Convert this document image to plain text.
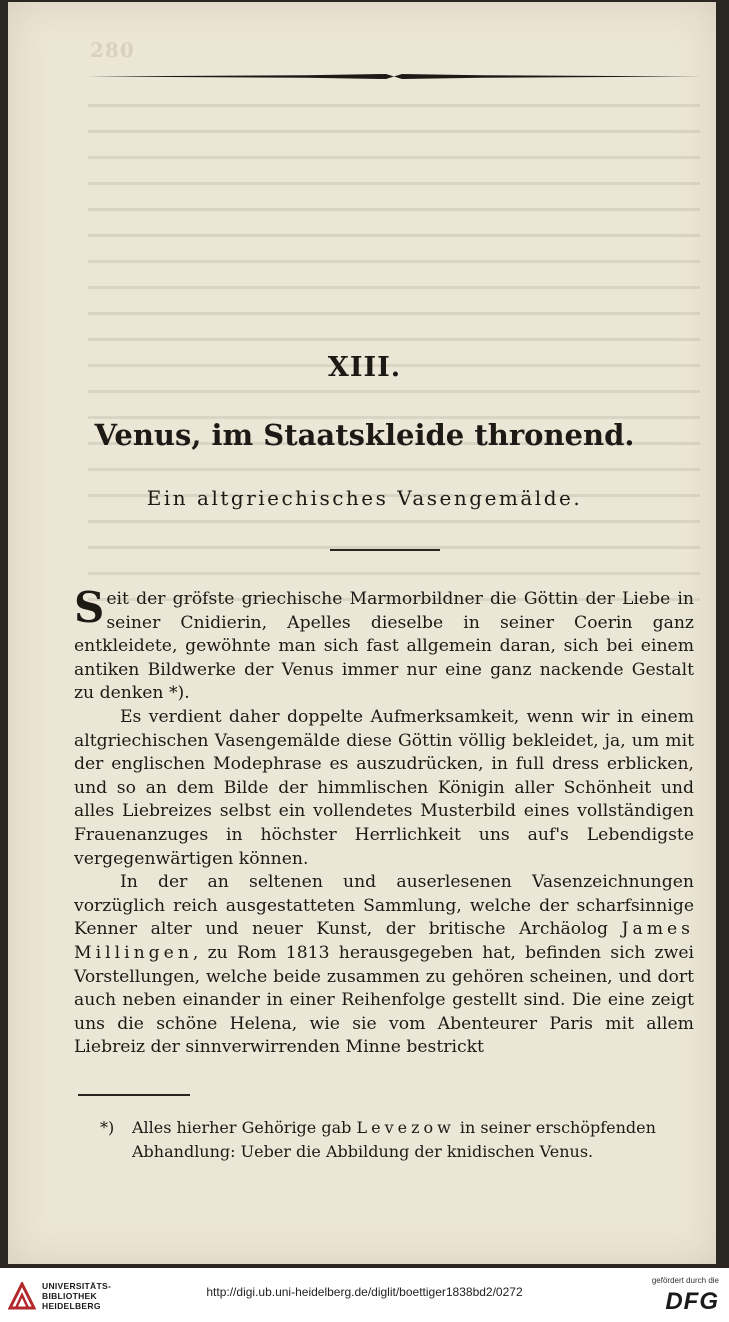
280
XIII.
Venus, im Staatskleide thronend.
Ein altgriechisches Vasengemälde.

Seit der gröfste griechische Marmorbildner die Göttin der Liebe in seiner Cnidierin, Apelles dieselbe in seiner Coerin ganz entkleidete, gewöhnte man sich fast allgemein daran, sich bei einem antiken Bildwerke der Venus immer nur eine ganz nackende Gestalt zu denken *).

Es verdient daher doppelte Aufmerksamkeit, wenn wir in einem altgriechischen Vasengemälde diese Göttin völlig bekleidet, ja, um mit der englischen Modephrase es auszudrücken, in full dress erblicken, und so an dem Bilde der himmlischen Königin aller Schönheit und alles Liebreizes selbst ein vollendetes Musterbild eines vollständigen Frauenanzuges in höchster Herrlichkeit uns auf's Lebendigste vergegenwärtigen können.

In der an seltenen und auserlesenen Vasenzeichnungen vorzüglich reich ausgestatteten Sammlung, welche der scharfsinnige Kenner alter und neuer Kunst, der britische Archäolog James Millingen, zu Rom 1813 herausgegeben hat, befinden sich zwei Vorstellungen, welche beide zusammen zu gehören scheinen, und dort auch neben einander in einer Reihenfolge gestellt sind. Die eine zeigt uns die schöne Helena, wie sie vom Abenteurer Paris mit allem Liebreiz der sinnverwirrenden Minne bestrickt

*) Alles hierher Gehörige gab Levezow in seiner erschöpfenden
Abhandlung: Ueber die Abbildung der knidischen Venus.
UNIVERSITÄTS-
BIBLIOTHEK
HEIDELBERG
http://digi.ub.uni-heidelberg.de/diglit/boettiger1838bd2/0272
gefördert durch die
DFG
